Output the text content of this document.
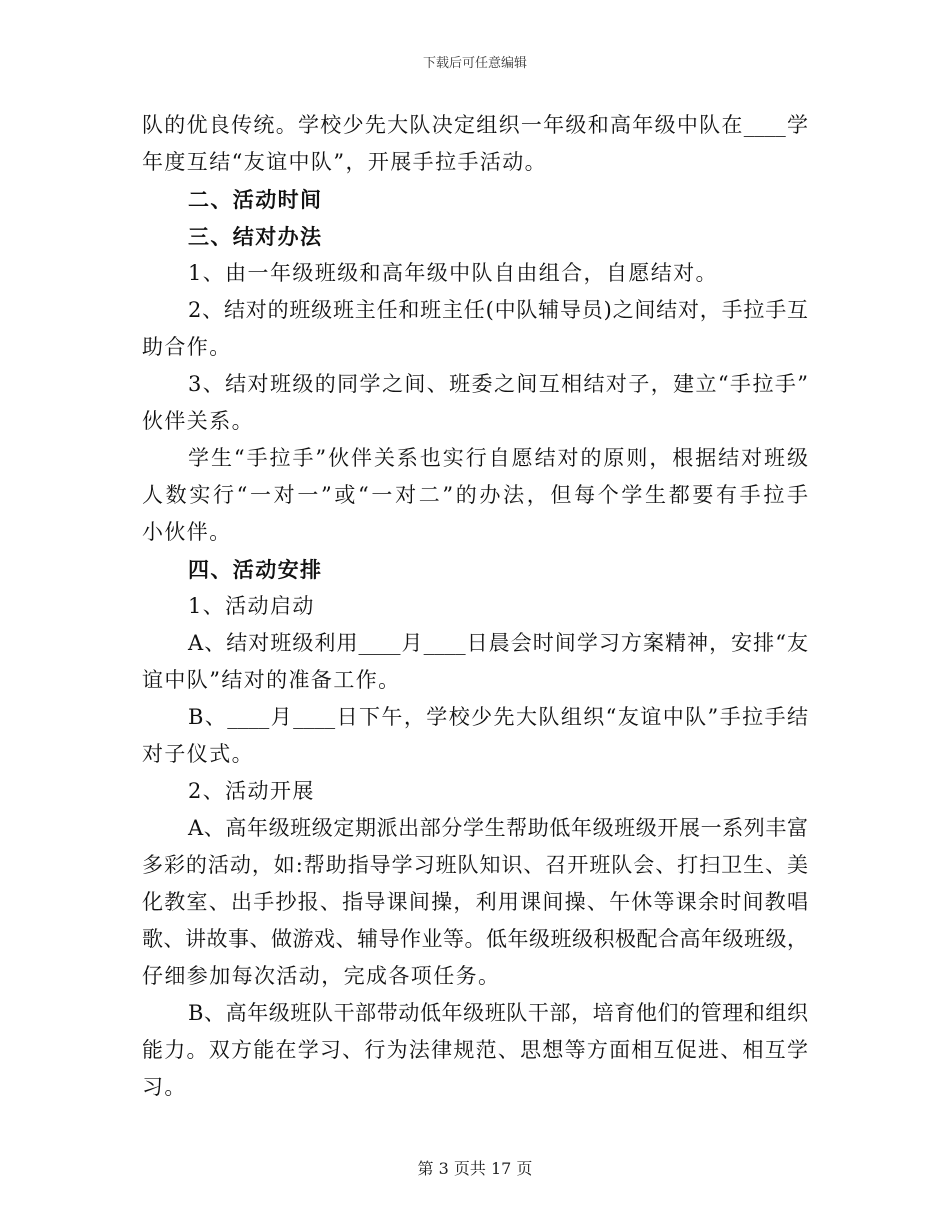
下载后可任意编辑
队的优良传统。学校少先大队决定组织一年级和高年级中队在____学
年度互结“友谊中队”，开展手拉手活动。
二、活动时间
三、结对办法
1、由一年级班级和高年级中队自由组合，自愿结对。
2、结对的班级班主任和班主任(中队辅导员)之间结对，手拉手互
助合作。
3、结对班级的同学之间、班委之间互相结对子，建立“手拉手”
伙伴关系。
学生“手拉手”伙伴关系也实行自愿结对的原则，根据结对班级
人数实行“一对一”或“一对二”的办法，但每个学生都要有手拉手
小伙伴。
四、活动安排
1、活动启动
A、结对班级利用____月____日晨会时间学习方案精神，安排“友
谊中队”结对的准备工作。
B、____月____日下午，学校少先大队组织“友谊中队”手拉手结
对子仪式。
2、活动开展
A、高年级班级定期派出部分学生帮助低年级班级开展一系列丰富
多彩的活动，如:帮助指导学习班队知识、召开班队会、打扫卫生、美
化教室、出手抄报、指导课间操，利用课间操、午休等课余时间教唱
歌、讲故事、做游戏、辅导作业等。低年级班级积极配合高年级班级，
仔细参加每次活动，完成各项任务。
B、高年级班队干部带动低年级班队干部，培育他们的管理和组织
能力。双方能在学习、行为法律规范、思想等方面相互促进、相互学
习。
第 3 页共 17 页
